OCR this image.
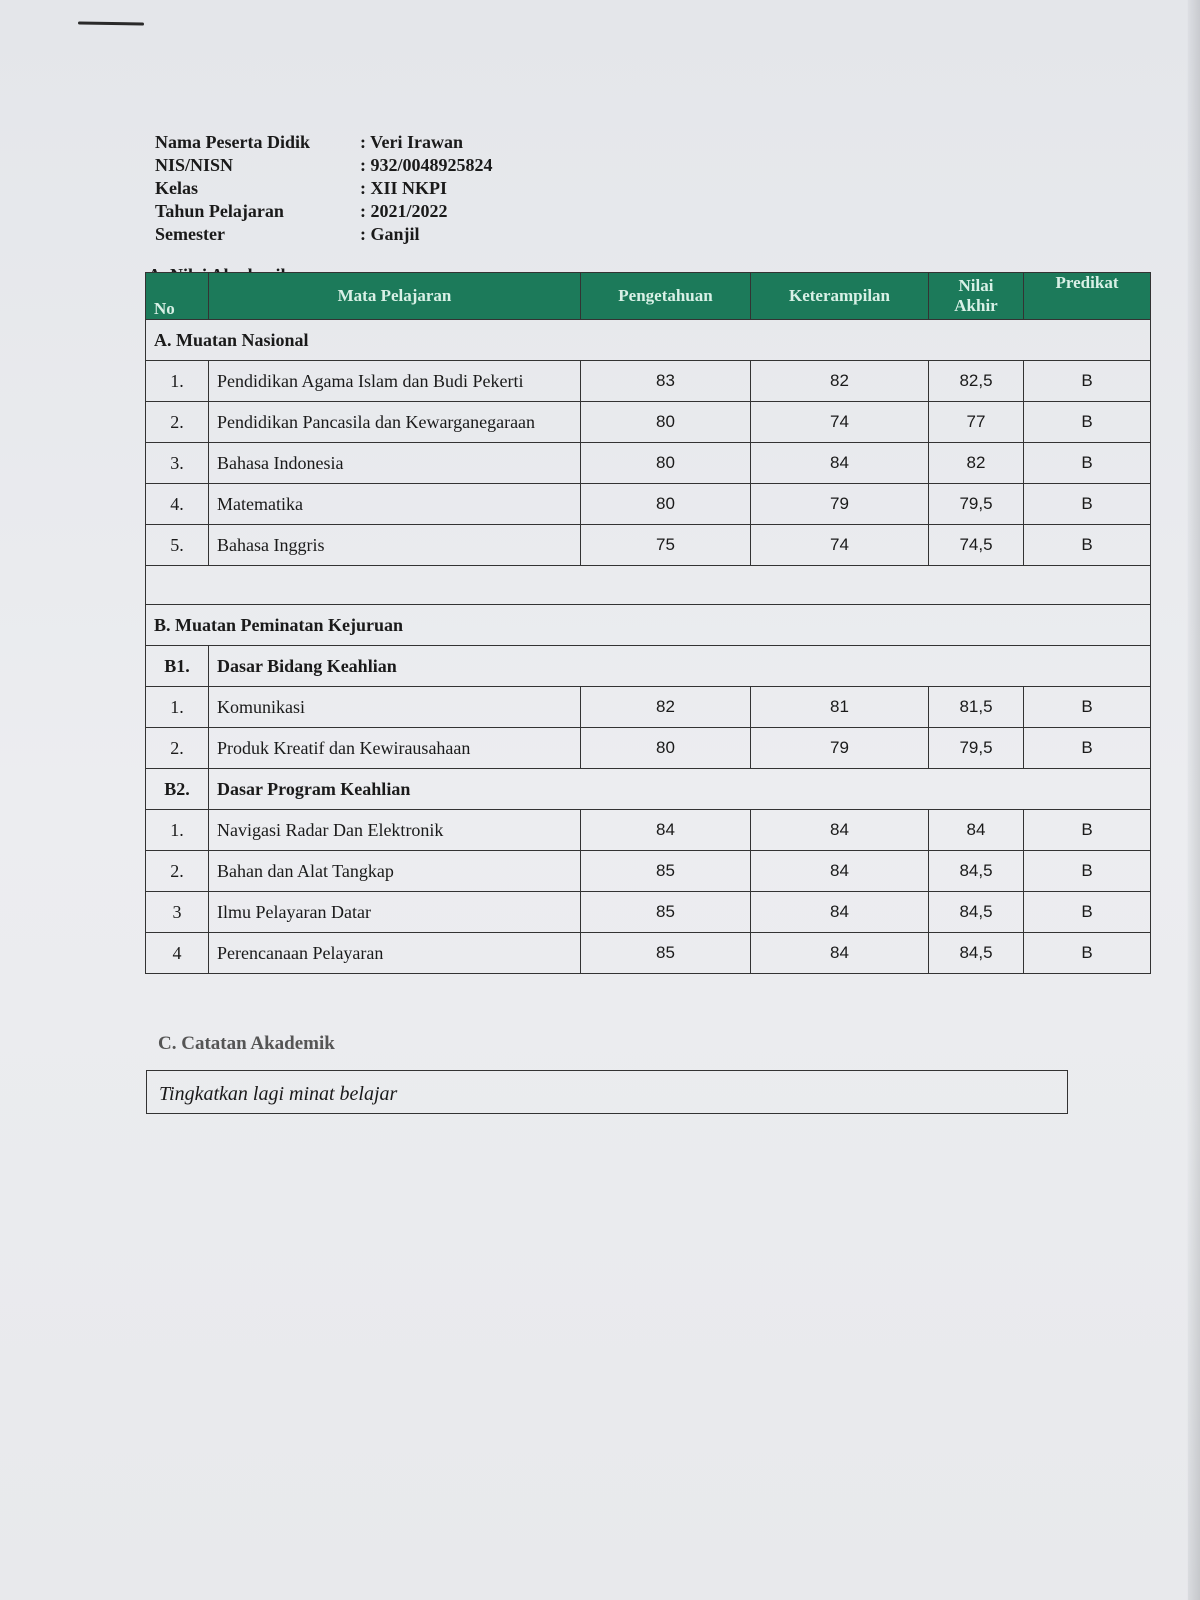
Nama Peserta Didik	: Veri Irawan
NIS/NISN	: 932/0048925824
Kelas	: XII NKPI
Tahun Pelajaran	: 2021/2022
Semester	: Ganjil
No	Mata Pelajaran	Pengetahuan	Keterampilan	Nilai Akhir	Predikat
A. Muatan Nasional					
1.	Pendidikan Agama Islam dan Budi Pekerti	83	82	82,5	B
2.	Pendidikan Pancasila dan Kewarganegaraan	80	74	77	B
3.	Bahasa Indonesia	80	84	82	B
4.	Matematika	80	79	79,5	B
5.	Bahasa Inggris	75	74	74,5	B

B. Muatan Peminatan Kejuruan					
B1.	Dasar Bidang Keahlian				
1.	Komunikasi	82	81	81,5	B
2.	Produk Kreatif dan Kewirausahaan	80	79	79,5	B
B2.	Dasar Program Keahlian				
1.	Navigasi Radar Dan Elektronik	84	84	84	B
2.	Bahan dan Alat Tangkap	85	84	84,5	B
3	Ilmu Pelayaran Datar	85	84	84,5	B
4	Perencanaan Pelayaran	85	84	84,5	B
C. Catatan Akademik
Tingkatkan lagi minat belajar
